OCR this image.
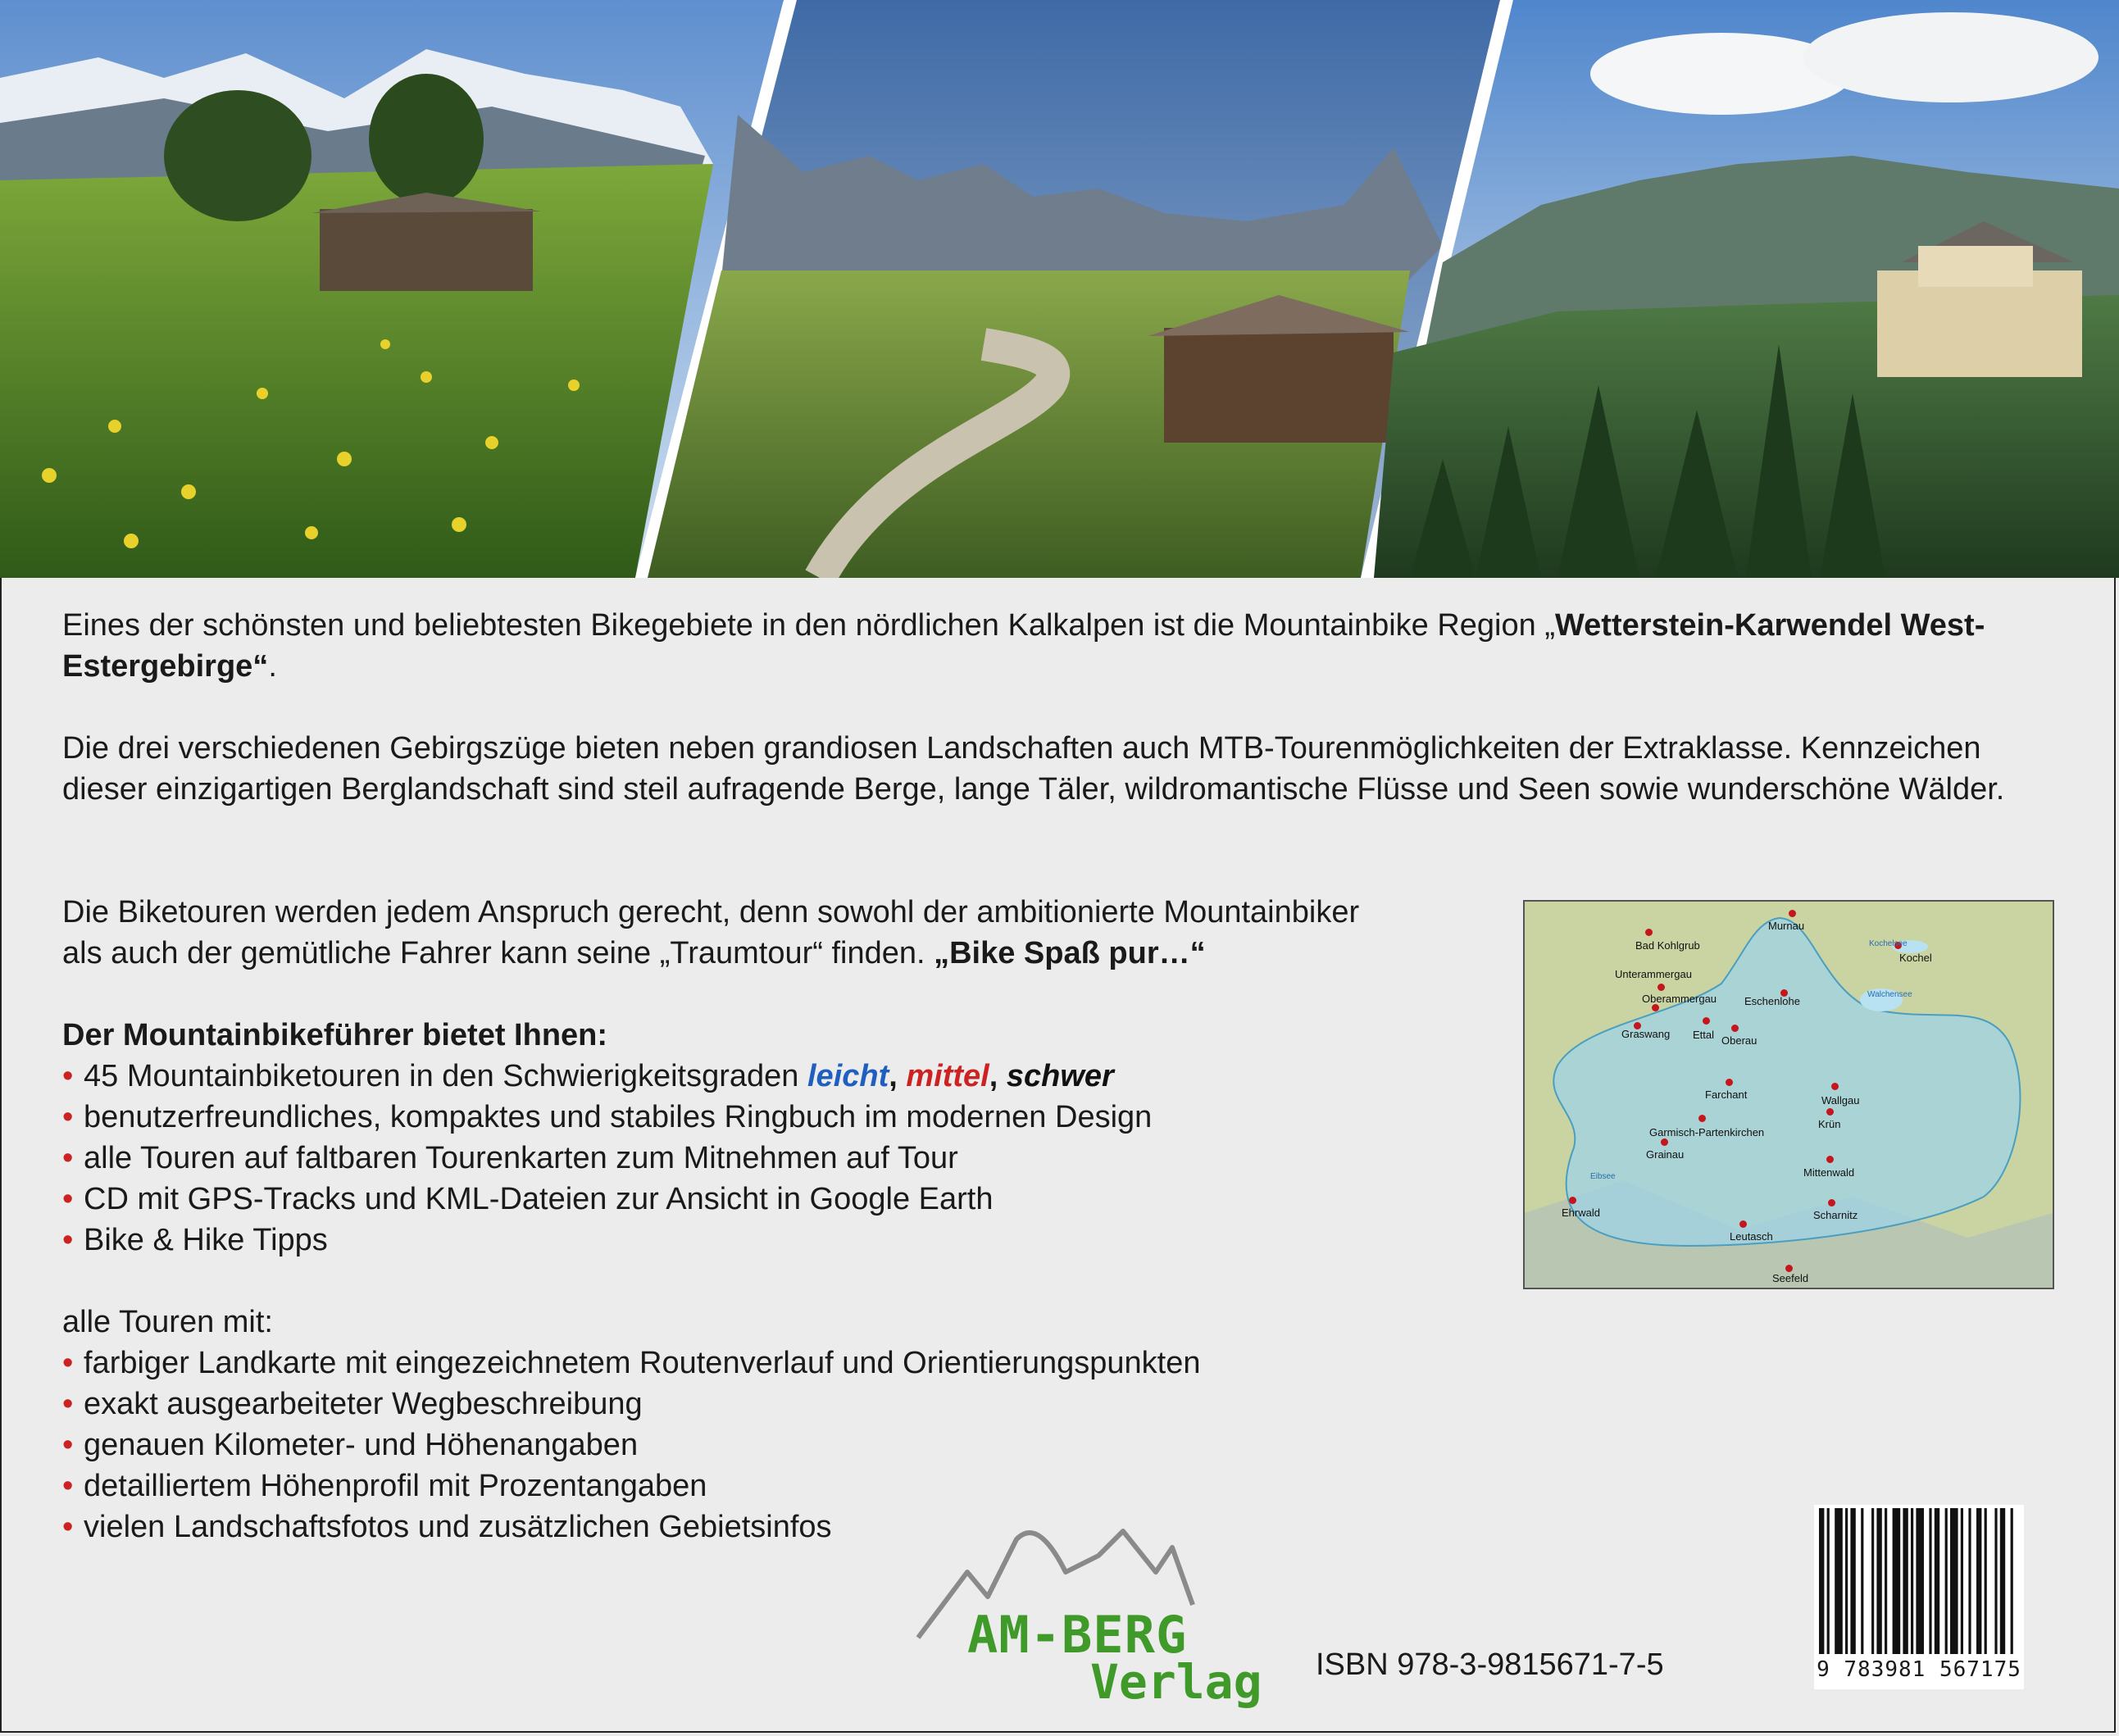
Eines der schönsten und beliebtesten Bikegebiete in den nördlichen Kalkalpen ist die Mountainbike Region „Wetterstein-Karwendel West-Estergebirge“.
Die drei verschiedenen Gebirgszüge bieten neben grandiosen Landschaften auch MTB-Tourenmöglichkeiten der Extraklasse. Kennzeichen dieser einzigartigen Berglandschaft sind steil aufragende Berge, lange Täler, wildromantische Flüsse und Seen sowie wunderschöne Wälder.
Die Biketouren werden jedem Anspruch gerecht, denn sowohl der ambitionierte Mountainbiker
als auch der gemütliche Fahrer kann seine „Traumtour“ finden. „Bike Spaß pur…“
Der Mountainbikeführer bietet Ihnen:
• 45 Mountainbiketouren in den Schwierigkeitsgraden leicht, mittel, schwer
• benutzerfreundliches, kompaktes und stabiles Ringbuch im modernen Design
• alle Touren auf faltbaren Tourenkarten zum Mitnehmen auf Tour
• CD mit GPS-Tracks und KML-Dateien zur Ansicht in Google Earth
• Bike & Hike Tipps
alle Touren mit:
• farbiger Landkarte mit eingezeichnetem Routenverlauf und Orientierungspunkten
• exakt ausgearbeiteter Wegbeschreibung
• genauen Kilometer- und Höhenangaben
• detailliertem Höhenprofil mit Prozentangaben
• vielen Landschaftsfotos und zusätzlichen Gebietsinfos
Bad Kohlgrub
Murnau
Kochel
Kochelsee
Unterammergau
Oberammergau	Eschenlohe
Walchensee
Graswang Ettal Oberau
Farchant	Wallgau
Garmisch-Partenkirchen
Krün
Grainau
Eibsee	Mittenwald
Ehrwald	Scharnitz
Leutasch
Seefeld
AM-BERG
Verlag ISBN 978-3-9815671-7-5	9 783981 567175
